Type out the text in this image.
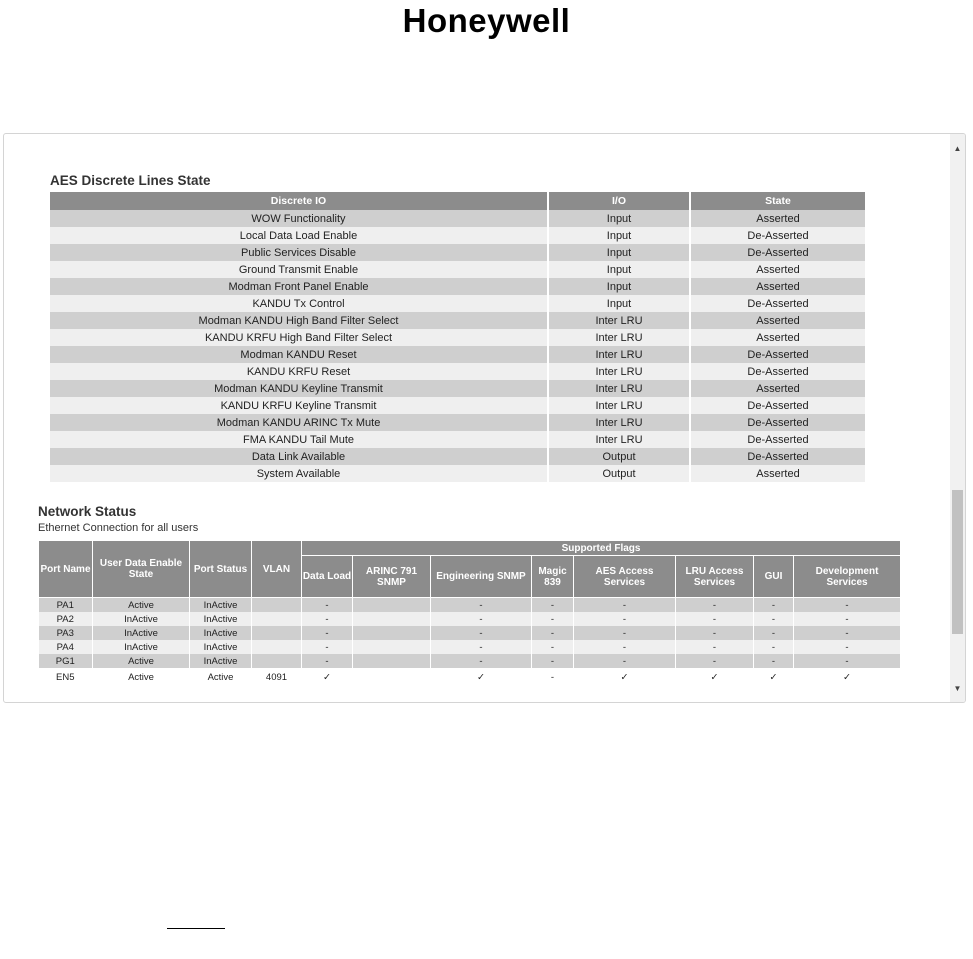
Honeywell
AES Discrete Lines State
Discrete IO	I/O	State
WOW Functionality	Input	Asserted
Local Data Load Enable	Input	De-Asserted
Public Services Disable	Input	De-Asserted
Ground Transmit Enable	Input	Asserted
Modman Front Panel Enable	Input	Asserted
KANDU Tx Control	Input	De-Asserted
Modman KANDU High Band Filter Select	Inter LRU	Asserted
KANDU KRFU High Band Filter Select	Inter LRU	Asserted
Modman KANDU Reset	Inter LRU	De-Asserted
KANDU KRFU Reset	Inter LRU	De-Asserted
Modman KANDU Keyline Transmit	Inter LRU	Asserted
KANDU KRFU Keyline Transmit	Inter LRU	De-Asserted
Modman KANDU ARINC Tx Mute	Inter LRU	De-Asserted
FMA KANDU Tail Mute	Inter LRU	De-Asserted
Data Link Available	Output	De-Asserted
System Available	Output	Asserted
Network Status
Ethernet Connection for all users
Port Name	User Data Enable State	Port Status	VLAN	Supported Flags							
				Data Load	ARINC 791 SNMP	Engineering SNMP	Magic 839	AES Access Services	LRU Access Services	GUI	Development Services
PA1	Active	InActive		-		-	-	-	-	-	-
PA2	InActive	InActive		-		-	-	-	-	-	-
PA3	InActive	InActive		-		-	-	-	-	-	-
PA4	InActive	InActive		-		-	-	-	-	-	-
PG1	Active	InActive		-		-	-	-	-	-	-
EN5	Active	Active	4091	✓		✓	-	✓	✓	✓	✓
▲
▼
